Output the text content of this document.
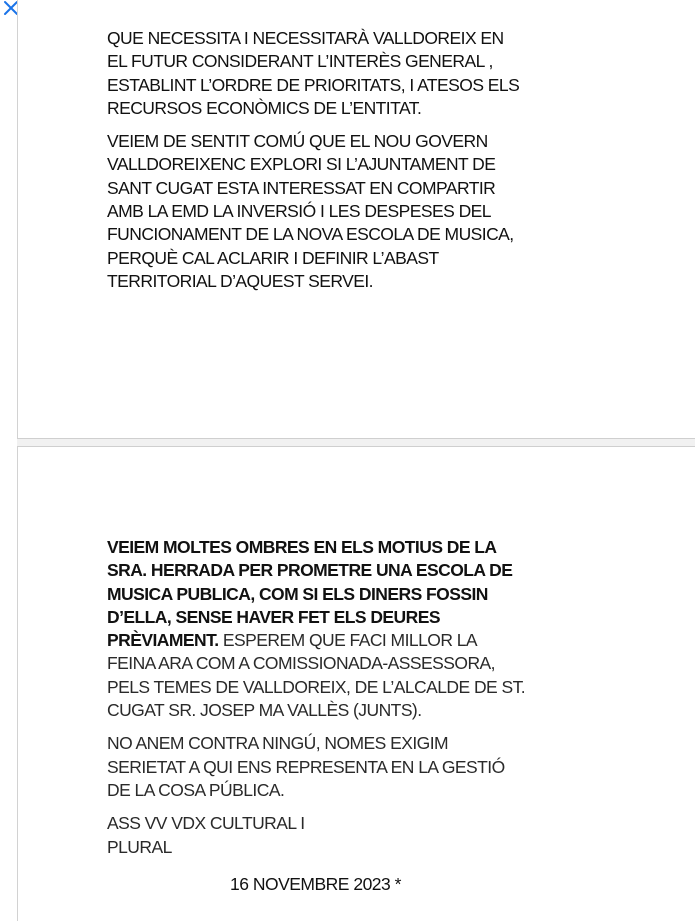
QUE NECESSITA I NECESSITARÀ VALLDOREIX EN
EL FUTUR CONSIDERANT L’INTERÈS GENERAL ,
ESTABLINT L’ORDRE DE PRIORITATS, I ATESOS ELS
RECURSOS ECONÒMICS DE L’ENTITAT.

VEIEM DE SENTIT COMÚ QUE EL NOU GOVERN
VALLDOREIXENC EXPLORI SI L’AJUNTAMENT DE
SANT CUGAT ESTA INTERESSAT EN COMPARTIR
AMB LA EMD LA INVERSIÓ I LES DESPESES DEL
FUNCIONAMENT DE LA NOVA ESCOLA DE MUSICA,
PERQUÈ CAL ACLARIR I DEFINIR L’ABAST
TERRITORIAL D’AQUEST SERVEI.

VEIEM MOLTES OMBRES EN ELS MOTIUS DE LA
SRA. HERRADA PER PROMETRE UNA ESCOLA DE
MUSICA PUBLICA, COM SI ELS DINERS FOSSIN
D’ELLA, SENSE HAVER FET ELS DEURES
PRÈVIAMENT. ESPEREM QUE FACI MILLOR LA
FEINA ARA COM A COMISSIONADA-ASSESSORA,
PELS TEMES DE VALLDOREIX, DE L’ALCALDE DE ST.
CUGAT SR. JOSEP MA VALLÈS (JUNTS).

NO ANEM CONTRA NINGÚ, NOMES EXIGIM
SERIETAT A QUI ENS REPRESENTA EN LA GESTIÓ
DE LA COSA PÚBLICA.

ASS VV VDX CULTURAL I
PLURAL

16 NOVEMBRE 2023 *
